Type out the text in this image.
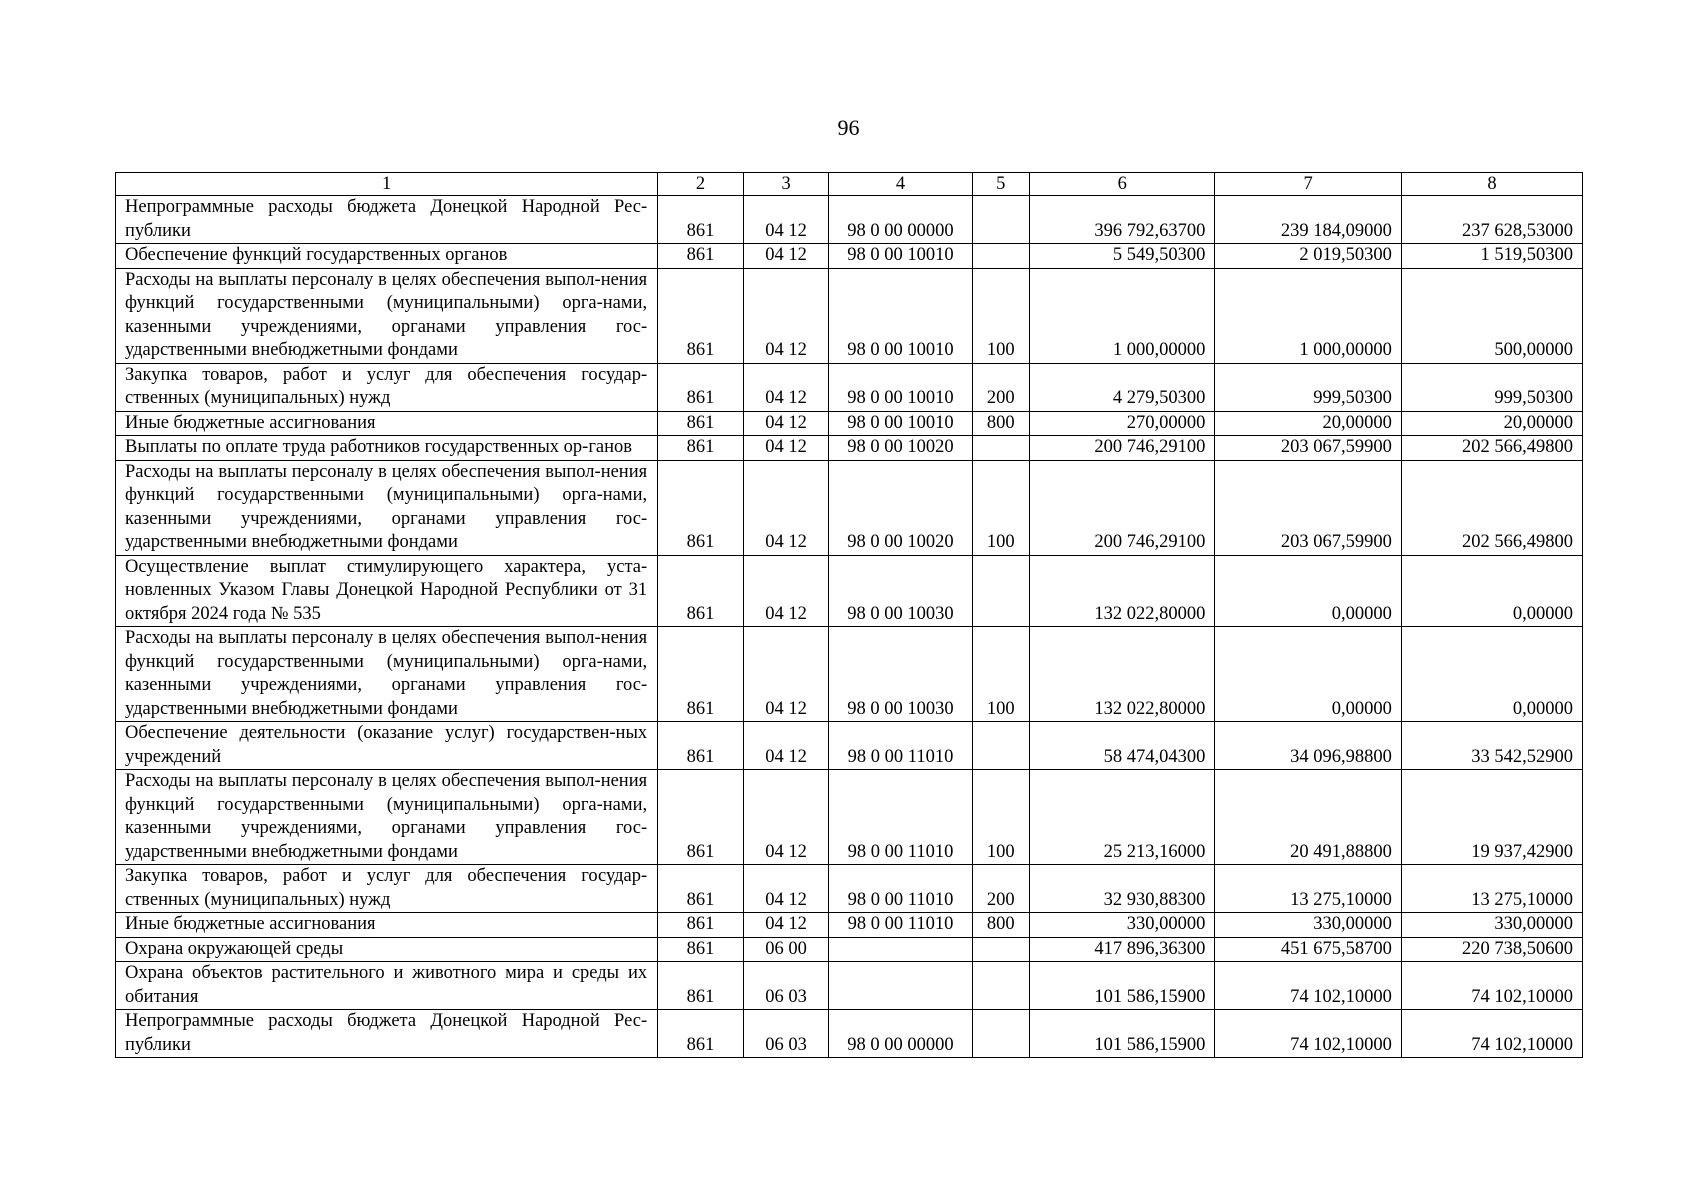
96
1	2	3	4	5	6	7	8
Непрограммные расходы бюджета Донецкой Народной Рес-публики	861	04 12	98 0 00 00000		396 792,63700	239 184,09000	237 628,53000
Обеспечение функций государственных органов	861	04 12	98 0 00 10010		5 549,50300	2 019,50300	1 519,50300
Расходы на выплаты персоналу в целях обеспечения выпол-нения функций государственными (муниципальными) орга-нами, казенными учреждениями, органами управления гос-ударственными внебюджетными фондами	861	04 12	98 0 00 10010	100	1 000,00000	1 000,00000	500,00000
Закупка товаров, работ и услуг для обеспечения государ-ственных (муниципальных) нужд	861	04 12	98 0 00 10010	200	4 279,50300	999,50300	999,50300
Иные бюджетные ассигнования	861	04 12	98 0 00 10010	800	270,00000	20,00000	20,00000
Выплаты по оплате труда работников государственных ор-ганов	861	04 12	98 0 00 10020		200 746,29100	203 067,59900	202 566,49800
Расходы на выплаты персоналу в целях обеспечения выпол-нения функций государственными (муниципальными) орга-нами, казенными учреждениями, органами управления гос-ударственными внебюджетными фондами	861	04 12	98 0 00 10020	100	200 746,29100	203 067,59900	202 566,49800
Осуществление выплат стимулирующего характера, уста-новленных Указом Главы Донецкой Народной Республики от 31 октября 2024 года № 535	861	04 12	98 0 00 10030		132 022,80000	0,00000	0,00000
Расходы на выплаты персоналу в целях обеспечения выпол-нения функций государственными (муниципальными) орга-нами, казенными учреждениями, органами управления гос-ударственными внебюджетными фондами	861	04 12	98 0 00 10030	100	132 022,80000	0,00000	0,00000
Обеспечение деятельности (оказание услуг) государствен-ных учреждений	861	04 12	98 0 00 11010		58 474,04300	34 096,98800	33 542,52900
Расходы на выплаты персоналу в целях обеспечения выпол-нения функций государственными (муниципальными) орга-нами, казенными учреждениями, органами управления гос-ударственными внебюджетными фондами	861	04 12	98 0 00 11010	100	25 213,16000	20 491,88800	19 937,42900
Закупка товаров, работ и услуг для обеспечения государ-ственных (муниципальных) нужд	861	04 12	98 0 00 11010	200	32 930,88300	13 275,10000	13 275,10000
Иные бюджетные ассигнования	861	04 12	98 0 00 11010	800	330,00000	330,00000	330,00000
Охрана окружающей среды	861	06 00			417 896,36300	451 675,58700	220 738,50600
Охрана объектов растительного и животного мира и среды их обитания	861	06 03			101 586,15900	74 102,10000	74 102,10000
Непрограммные расходы бюджета Донецкой Народной Рес-публики	861	06 03	98 0 00 00000		101 586,15900	74 102,10000	74 102,10000
